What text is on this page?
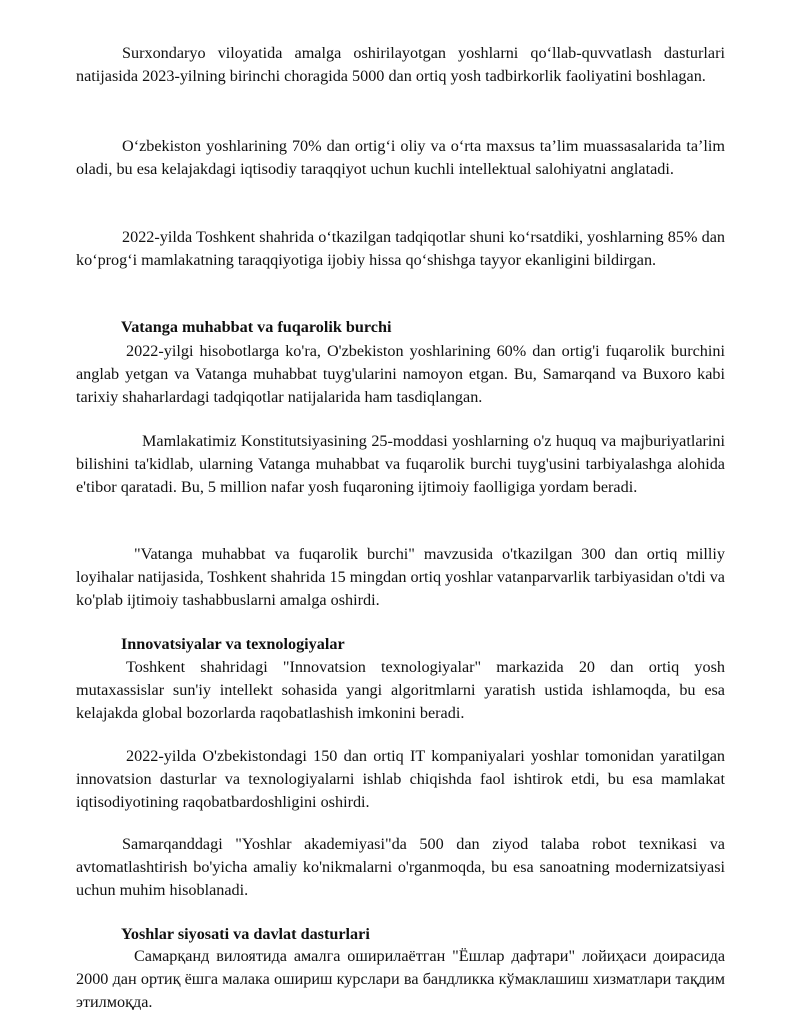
Surxondaryo viloyatida amalga oshirilayotgan yoshlarni qo‘llab-quvvatlash dasturlari natijasida 2023-yilning birinchi choragida 5000 dan ortiq yosh tadbirkorlik faoliyatini boshlagan.

O‘zbekiston yoshlarining 70% dan ortig‘i oliy va o‘rta maxsus ta’lim muassasalarida ta’lim oladi, bu esa kelajakdagi iqtisodiy taraqqiyot uchun kuchli intellektual salohiyatni anglatadi.

2022-yilda Toshkent shahrida o‘tkazilgan tadqiqotlar shuni ko‘rsatdiki, yoshlarning 85% dan ko‘prog‘i mamlakatning taraqqiyotiga ijobiy hissa qo‘shishga tayyor ekanligini bildirgan.

Vatanga muhabbat va fuqarolik burchi

2022-yilgi hisobotlarga ko'ra, O'zbekiston yoshlarining 60% dan ortig'i fuqarolik burchini anglab yetgan va Vatanga muhabbat tuyg'ularini namoyon etgan. Bu, Samarqand va Buxoro kabi tarixiy shaharlardagi tadqiqotlar natijalarida ham tasdiqlangan.

Mamlakatimiz Konstitutsiyasining 25-moddasi yoshlarning o'z huquq va majburiyatlarini bilishini ta'kidlab, ularning Vatanga muhabbat va fuqarolik burchi tuyg'usini tarbiyalashga alohida e'tibor qaratadi. Bu, 5 million nafar yosh fuqaroning ijtimoiy faolligiga yordam beradi.

"Vatanga muhabbat va fuqarolik burchi" mavzusida o'tkazilgan 300 dan ortiq milliy loyihalar natijasida, Toshkent shahrida 15 mingdan ortiq yoshlar vatanparvarlik tarbiyasidan o'tdi va ko'plab ijtimoiy tashabbuslarni amalga oshirdi.

Innovatsiyalar va texnologiyalar

Toshkent shahridagi "Innovatsion texnologiyalar" markazida 20 dan ortiq yosh mutaxassislar sun'iy intellekt sohasida yangi algoritmlarni yaratish ustida ishlamoqda, bu esa kelajakda global bozorlarda raqobatlashish imkonini beradi.

2022-yilda O'zbekistondagi 150 dan ortiq IT kompaniyalari yoshlar tomonidan yaratilgan innovatsion dasturlar va texnologiyalarni ishlab chiqishda faol ishtirok etdi, bu esa mamlakat iqtisodiyotining raqobatbardoshligini oshirdi.

Samarqanddagi "Yoshlar akademiyasi"da 500 dan ziyod talaba robot texnikasi va avtomatlashtirish bo'yicha amaliy ko'nikmalarni o'rganmoqda, bu esa sanoatning modernizatsiyasi uchun muhim hisoblanadi.

Yoshlar siyosati va davlat dasturlari

Самарқанд вилоятида амалга оширилаётган "Ёшлар дафтари" лойиҳаси доирасида 2000 дан ортиқ ёшга малака ошириш курслари ва бандликка кўмаклашиш хизматлари тақдим этилмоқда.
